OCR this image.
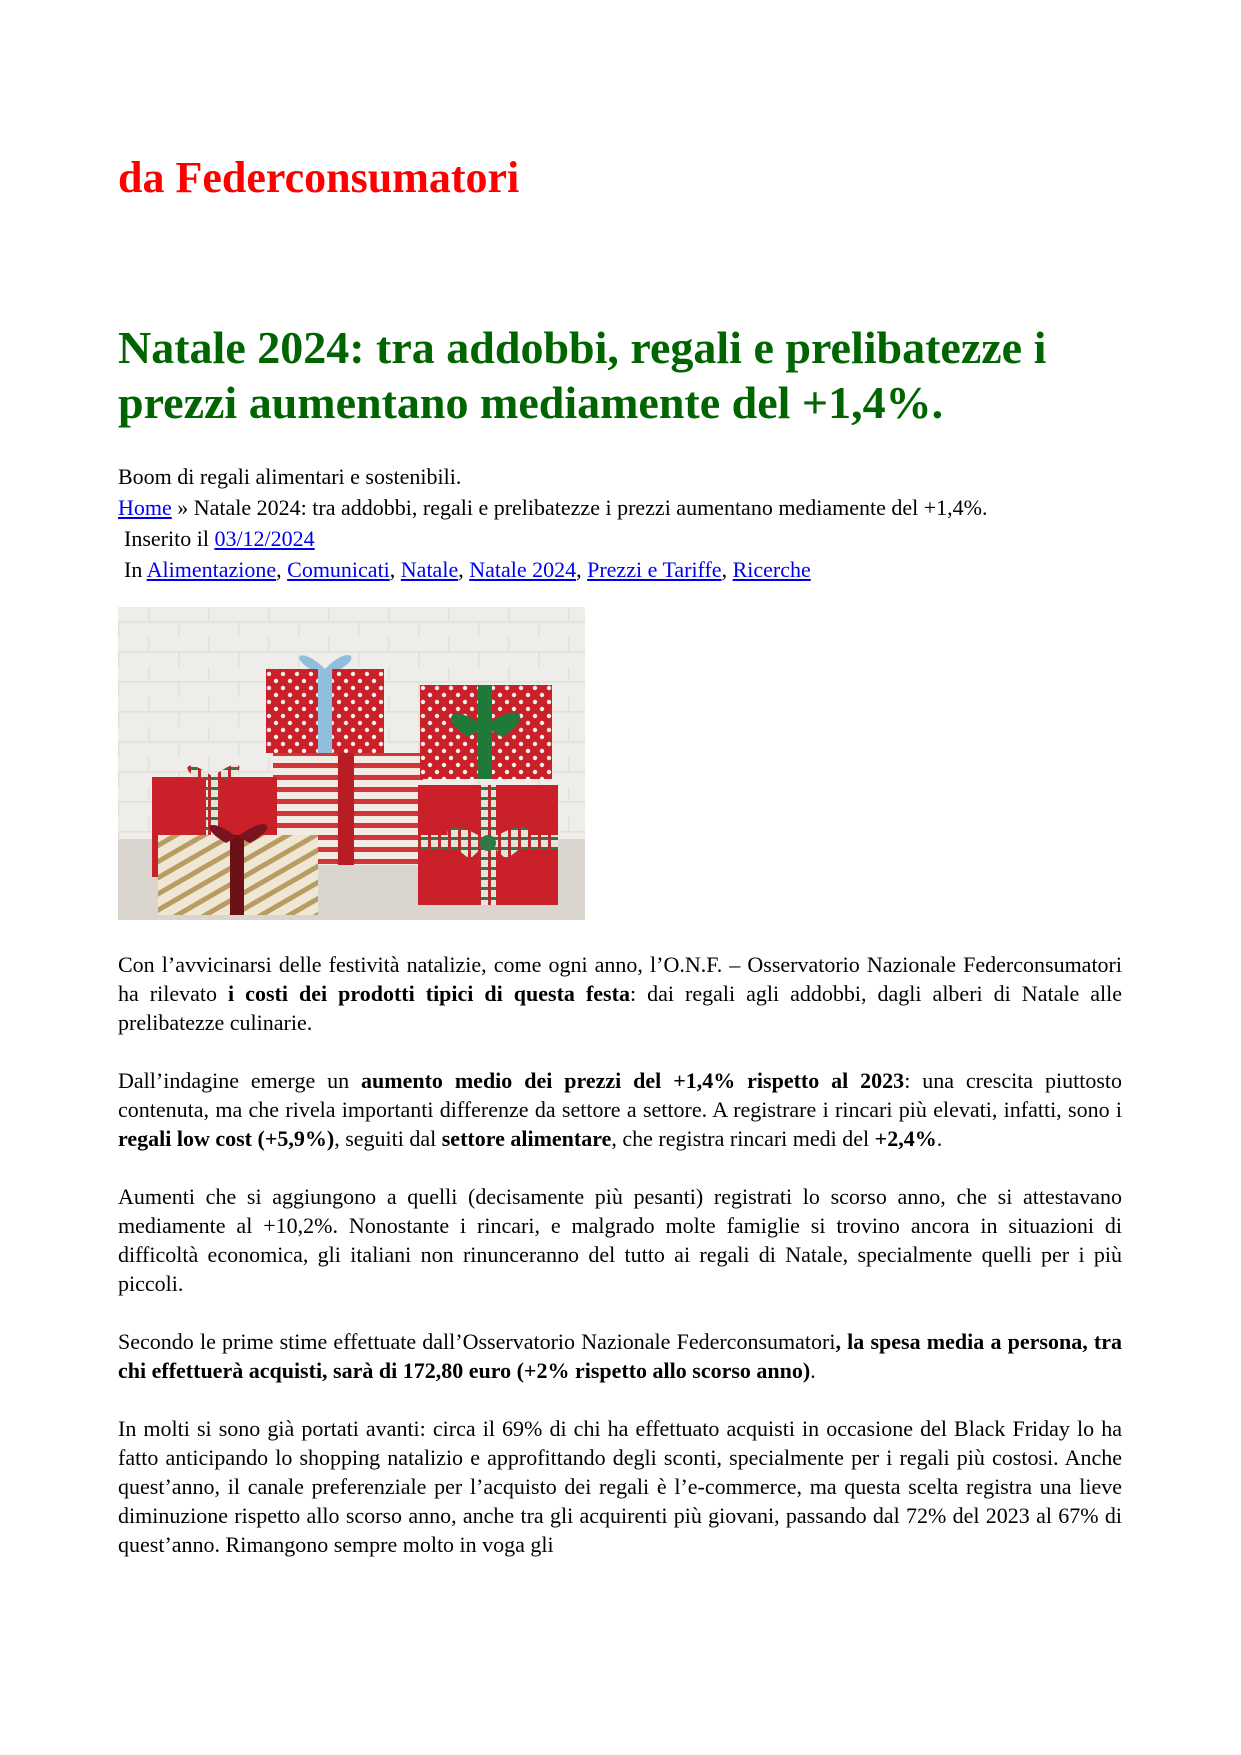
da Federconsumatori
Natale 2024: tra addobbi, regali e prelibatezze i prezzi aumentano mediamente del +1,4%.
Boom di regali alimentari e sostenibili.
Home » Natale 2024: tra addobbi, regali e prelibatezze i prezzi aumentano mediamente del +1,4%.
Inserito il 03/12/2024
In Alimentazione, Comunicati, Natale, Natale 2024, Prezzi e Tariffe, Ricerche

Con l’avvicinarsi delle festività natalizie, come ogni anno, l’O.N.F. – Osservatorio Nazionale Federconsumatori ha rilevato i costi dei prodotti tipici di questa festa: dai regali agli addobbi, dagli alberi di Natale alle prelibatezze culinarie.

Dall’indagine emerge un aumento medio dei prezzi del +1,4% rispetto al 2023: una crescita piuttosto contenuta, ma che rivela importanti differenze da settore a settore. A registrare i rincari più elevati, infatti, sono i regali low cost (+5,9%), seguiti dal settore alimentare, che registra rincari medi del +2,4%.

Aumenti che si aggiungono a quelli (decisamente più pesanti) registrati lo scorso anno, che si attestavano mediamente al +10,2%. Nonostante i rincari, e malgrado molte famiglie si trovino ancora in situazioni di difficoltà economica, gli italiani non rinunceranno del tutto ai regali di Natale, specialmente quelli per i più piccoli.

Secondo le prime stime effettuate dall’Osservatorio Nazionale Federconsumatori, la spesa media a persona, tra chi effettuerà acquisti, sarà di 172,80 euro (+2% rispetto allo scorso anno).

In molti si sono già portati avanti: circa il 69% di chi ha effettuato acquisti in occasione del Black Friday lo ha fatto anticipando lo shopping natalizio e approfittando degli sconti, specialmente per i regali più costosi. Anche quest’anno, il canale preferenziale per l’acquisto dei regali è l’e-commerce, ma questa scelta registra una lieve diminuzione rispetto allo scorso anno, anche tra gli acquirenti più giovani, passando dal 72% del 2023 al 67% di quest’anno. Rimangono sempre molto in voga gli
